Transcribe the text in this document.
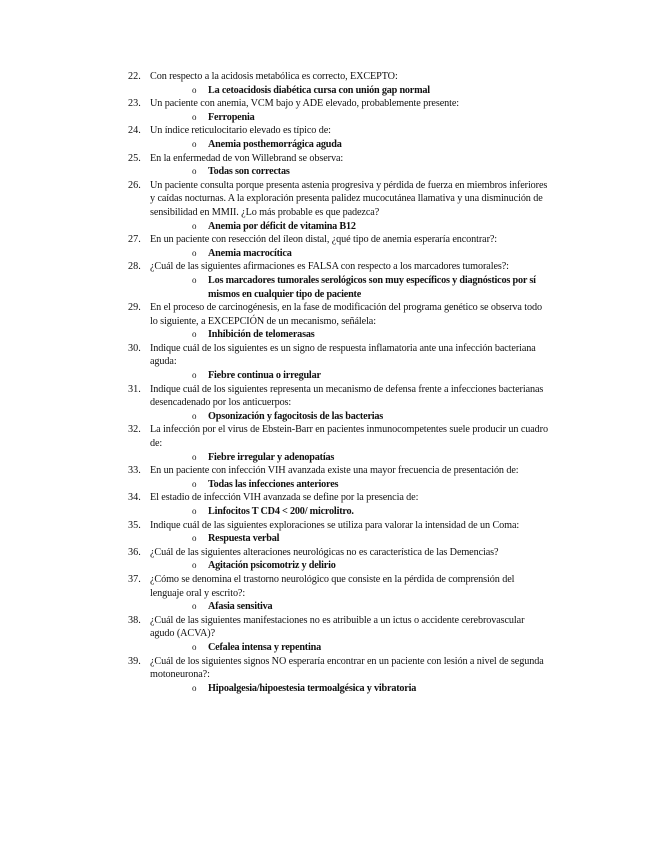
22. Con respecto a la acidosis metabólica es correcto, EXCEPTO:
o La cetoacidosis diabética cursa con unión gap normal
23. Un paciente con anemia, VCM bajo y ADE elevado, probablemente presente:
o Ferropenia
24. Un índice reticulocitario elevado es típico de:
o Anemia posthemorrágica aguda
25. En la enfermedad de von Willebrand se observa:
o Todas son correctas
26. Un paciente consulta porque presenta astenia progresiva y pérdida de fuerza en miembros inferiores y caídas nocturnas. A la exploración presenta palidez mucocutánea llamativa y una disminución de sensibilidad en MMII. ¿Lo más probable es que padezca?
o Anemia por déficit de vitamina B12
27. En un paciente con resección del íleon distal, ¿qué tipo de anemia esperaría encontrar?:
o Anemia macrocítica
28. ¿Cuál de las siguientes afirmaciones es FALSA con respecto a los marcadores tumorales?:
o Los marcadores tumorales serológicos son muy específicos y diagnósticos por sí mismos en cualquier tipo de paciente
29. En el proceso de carcinogénesis, en la fase de modificación del programa genético se observa todo lo siguiente, a EXCEPCIÓN de un mecanismo, señálela:
o Inhibición de telomerasas
30. Indique cuál de los siguientes es un signo de respuesta inflamatoria ante una infección bacteriana aguda:
o Fiebre continua o irregular
31. Indique cuál de los siguientes representa un mecanismo de defensa frente a infecciones bacterianas desencadenado por los anticuerpos:
o Opsonización y fagocitosis de las bacterias
32. La infección por el virus de Ebstein-Barr en pacientes inmunocompetentes suele producir un cuadro de:
o Fiebre irregular y adenopatías
33. En un paciente con infección VIH avanzada existe una mayor frecuencia de presentación de:
o Todas las infecciones anteriores
34. El estadio de infección VIH avanzada se define por la presencia de:
o Linfocitos T CD4 < 200/ microlitro.
35. Indique cuál de las siguientes exploraciones se utiliza para valorar la intensidad de un Coma:
o Respuesta verbal
36. ¿Cuál de las siguientes alteraciones neurológicas no es característica de las Demencias?
o Agitación psicomotriz y delirio
37. ¿Cómo se denomina el trastorno neurológico que consiste en la pérdida de comprensión del lenguaje oral y escrito?:
o Afasia sensitiva
38. ¿Cuál de las siguientes manifestaciones no es atribuible a un ictus o accidente cerebrovascular agudo (ACVA)?
o Cefalea intensa y repentina
39. ¿Cuál de los siguientes signos NO esperaría encontrar en un paciente con lesión a nivel de segunda motoneurona?:
o Hipoalgesia/hipoestesia termoalgésica y vibratoria
